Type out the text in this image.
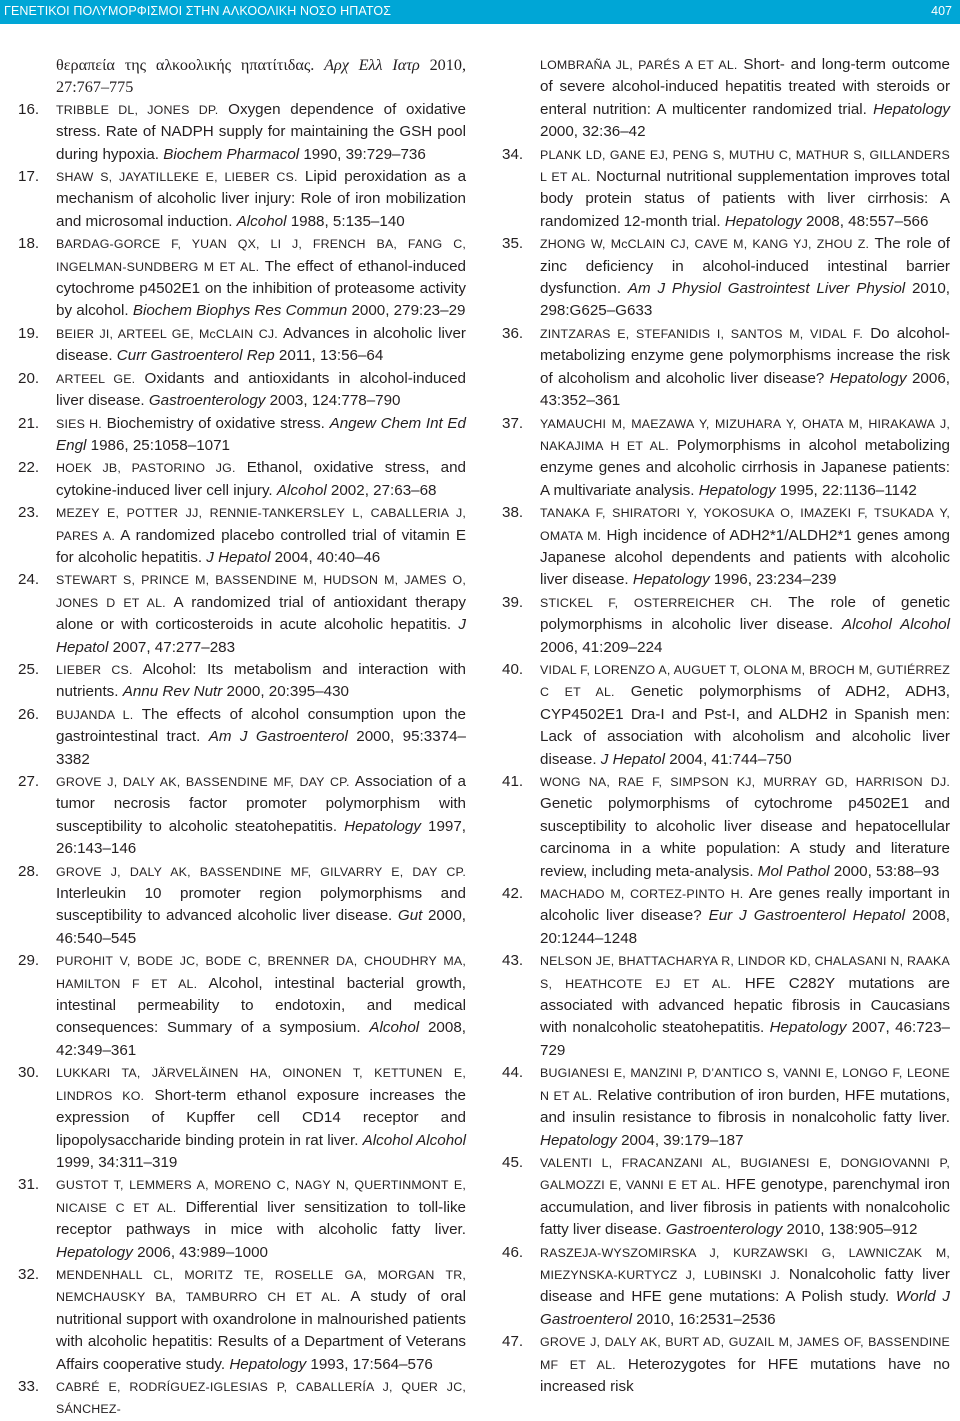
ΓΕΝΕΤΙΚΟΙ ΠΟΛΥΜΟΡΦΙΣΜΟΙ ΣΤΗΝ ΑΛΚΟΟΛΙΚΗ ΝΟΣΟ ΗΠΑΤΟΣ	407
θεραπεία της αλκοολικής ηπατίτιδας. Αρχ Ελλ Ιατρ 2010, 27:767–775

16. TRIBBLE DL, JONES DP. Oxygen dependence of oxidative stress. Rate of NADPH supply for maintaining the GSH pool during hypoxia. Biochem Pharmacol 1990, 39:729–736

17. SHAW S, JAYATILLEKE E, LIEBER CS. Lipid peroxidation as a mechanism of alcoholic liver injury: Role of iron mobilization and microsomal induction. Alcohol 1988, 5:135–140

18. BARDAG-GORCE F, YUAN QX, LI J, FRENCH BA, FANG C, INGELMAN-SUNDBERG M ET AL. The effect of ethanol-induced cytochrome p4502E1 on the inhibition of proteasome activity by alcohol. Biochem Biophys Res Commun 2000, 279:23–29

19. BEIER JI, ARTEEL GE, McCLAIN CJ. Advances in alcoholic liver disease. Curr Gastroenterol Rep 2011, 13:56–64

20. ARTEEL GE. Oxidants and antioxidants in alcohol-induced liver disease. Gastroenterology 2003, 124:778–790

21. SIES H. Biochemistry of oxidative stress. Angew Chem Int Ed Engl 1986, 25:1058–1071

22. HOEK JB, PASTORINO JG. Ethanol, oxidative stress, and cytokine-induced liver cell injury. Alcohol 2002, 27:63–68

23. MEZEY E, POTTER JJ, RENNIE-TANKERSLEY L, CABALLERIA J, PARES A. A randomized placebo controlled trial of vitamin E for alcoholic hepatitis. J Hepatol 2004, 40:40–46

24. STEWART S, PRINCE M, BASSENDINE M, HUDSON M, JAMES O, JONES D ET AL. A randomized trial of antioxidant therapy alone or with corticosteroids in acute alcoholic hepatitis. J Hepatol 2007, 47:277–283

25. LIEBER CS. Alcohol: Its metabolism and interaction with nutrients. Annu Rev Nutr 2000, 20:395–430

26. BUJANDA L. The effects of alcohol consumption upon the gastrointestinal tract. Am J Gastroenterol 2000, 95:3374–3382

27. GROVE J, DALY AK, BASSENDINE MF, DAY CP. Association of a tumor necrosis factor promoter polymorphism with susceptibility to alcoholic steatohepatitis. Hepatology 1997, 26:143–146

28. GROVE J, DALY AK, BASSENDINE MF, GILVARRY E, DAY CP. Interleukin 10 promoter region polymorphisms and susceptibility to advanced alcoholic liver disease. Gut 2000, 46:540–545

29. PUROHIT V, BODE JC, BODE C, BRENNER DA, CHOUDHRY MA, HAMILTON F ET AL. Alcohol, intestinal bacterial growth, intestinal permeability to endotoxin, and medical consequences: Summary of a symposium. Alcohol 2008, 42:349–361

30. LUKKARI TA, JÄRVELÄINEN HA, OINONEN T, KETTUNEN E, LINDROS KO. Short-term ethanol exposure increases the expression of Kupffer cell CD14 receptor and lipopolysaccharide binding protein in rat liver. Alcohol Alcohol 1999, 34:311–319

31. GUSTOT T, LEMMERS A, MORENO C, NAGY N, QUERTINMONT E, NICAISE C ET AL. Differential liver sensitization to toll-like receptor pathways in mice with alcoholic fatty liver. Hepatology 2006, 43:989–1000

32. MENDENHALL CL, MORITZ TE, ROSELLE GA, MORGAN TR, NEMCHAUSKY BA, TAMBURRO CH ET AL. A study of oral nutritional support with oxandrolone in malnourished patients with alcoholic hepatitis: Results of a Department of Veterans Affairs cooperative study. Hepatology 1993, 17:564–576

33. CABRÉ E, RODRÍGUEZ-IGLESIAS P, CABALLERÍA J, QUER JC, SÁNCHEZ-

LOMBRAÑA JL, PARÉS A ET AL. Short- and long-term outcome of severe alcohol-induced hepatitis treated with steroids or enteral nutrition: A multicenter randomized trial. Hepatology 2000, 32:36–42

34. PLANK LD, GANE EJ, PENG S, MUTHU C, MATHUR S, GILLANDERS L ET AL. Nocturnal nutritional supplementation improves total body protein status of patients with liver cirrhosis: A randomized 12-month trial. Hepatology 2008, 48:557–566

35. ZHONG W, McCLAIN CJ, CAVE M, KANG YJ, ZHOU Z. The role of zinc deficiency in alcohol-induced intestinal barrier dysfunction. Am J Physiol Gastrointest Liver Physiol 2010, 298:G625–G633

36. ZINTZARAS E, STEFANIDIS I, SANTOS M, VIDAL F. Do alcohol-metabolizing enzyme gene polymorphisms increase the risk of alcoholism and alcoholic liver disease? Hepatology 2006, 43:352–361

37. YAMAUCHI M, MAEZAWA Y, MIZUHARA Y, OHATA M, HIRAKAWA J, NAKAJIMA H ET AL. Polymorphisms in alcohol metabolizing enzyme genes and alcoholic cirrhosis in Japanese patients: A multivariate analysis. Hepatology 1995, 22:1136–1142

38. TANAKA F, SHIRATORI Y, YOKOSUKA O, IMAZEKI F, TSUKADA Y, OMATA M. High incidence of ADH2*1/ALDH2*1 genes among Japanese alcohol dependents and patients with alcoholic liver disease. Hepatology 1996, 23:234–239

39. STICKEL F, OSTERREICHER CH. The role of genetic polymorphisms in alcoholic liver disease. Alcohol Alcohol 2006, 41:209–224

40. VIDAL F, LORENZO A, AUGUET T, OLONA M, BROCH M, GUTIÉRREZ C ET AL. Genetic polymorphisms of ADH2, ADH3, CYP4502E1 Dra-I and Pst-I, and ALDH2 in Spanish men: Lack of association with alcoholism and alcoholic liver disease. J Hepatol 2004, 41:744–750

41. WONG NA, RAE F, SIMPSON KJ, MURRAY GD, HARRISON DJ. Genetic polymorphisms of cytochrome p4502E1 and susceptibility to alcoholic liver disease and hepatocellular carcinoma in a white population: A study and literature review, including meta-analysis. Mol Pathol 2000, 53:88–93

42. MACHADO M, CORTEZ-PINTO H. Are genes really important in alcoholic liver disease? Eur J Gastroenterol Hepatol 2008, 20:1244–1248

43. NELSON JE, BHATTACHARYA R, LINDOR KD, CHALASANI N, RAAKA S, HEATHCOTE EJ ET AL. HFE C282Y mutations are associated with advanced hepatic fibrosis in Caucasians with nonalcoholic steatohepatitis. Hepatology 2007, 46:723–729

44. BUGIANESI E, MANZINI P, D’ANTICO S, VANNI E, LONGO F, LEONE N ET AL. Relative contribution of iron burden, HFE mutations, and insulin resistance to fibrosis in nonalcoholic fatty liver. Hepatology 2004, 39:179–187

45. VALENTI L, FRACANZANI AL, BUGIANESI E, DONGIOVANNI P, GALMOZZI E, VANNI E ET AL. HFE genotype, parenchymal iron accumulation, and liver fibrosis in patients with nonalcoholic fatty liver disease. Gastroenterology 2010, 138:905–912

46. RASZEJA-WYSZOMIRSKA J, KURZAWSKI G, LAWNICZAK M, MIEZYNSKA-KURTYCZ J, LUBINSKI J. Nonalcoholic fatty liver disease and HFE gene mutations: A Polish study. World J Gastroenterol 2010, 16:2531–2536

47. GROVE J, DALY AK, BURT AD, GUZAIL M, JAMES OF, BASSENDINE MF ET AL. Heterozygotes for HFE mutations have no increased risk
